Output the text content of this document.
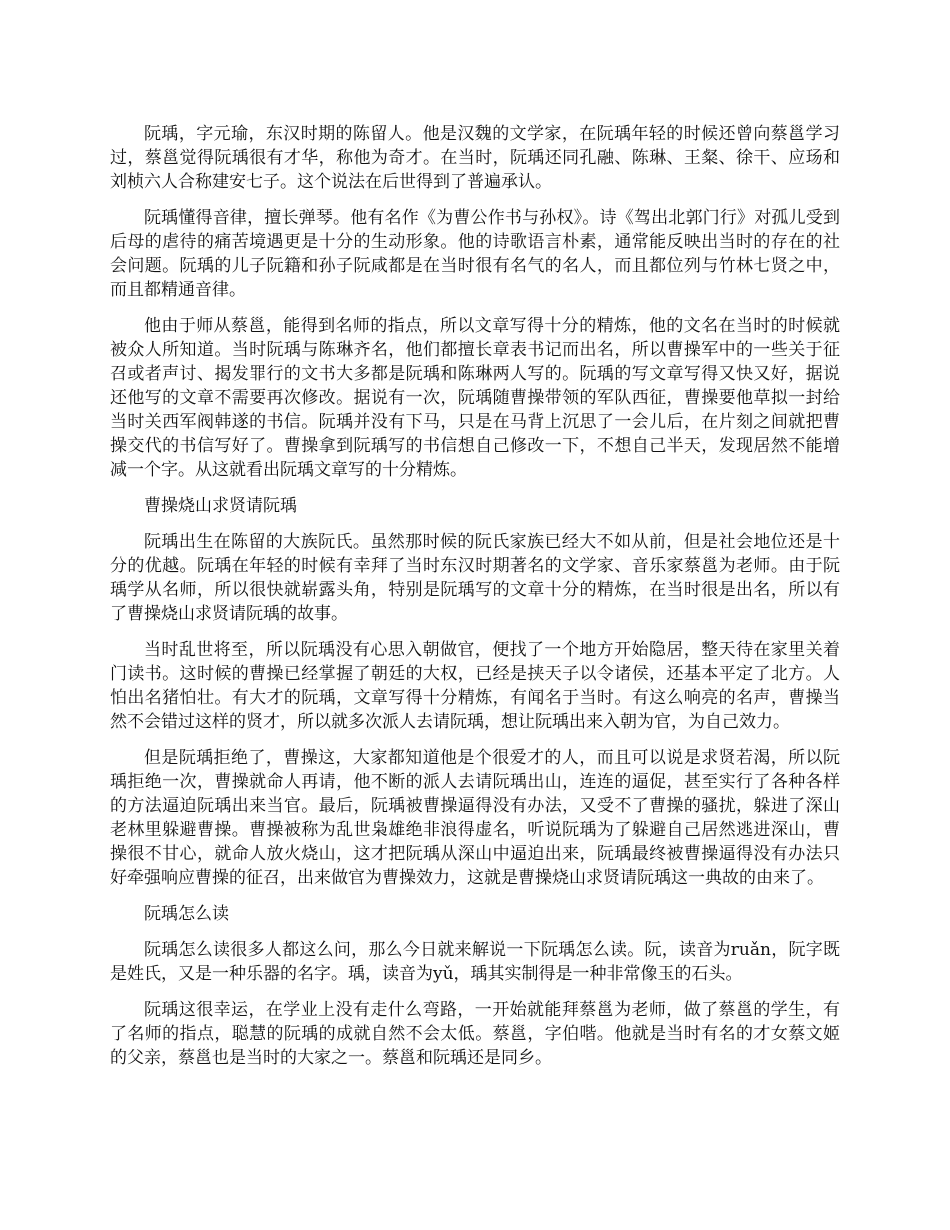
阮瑀，字元瑜，东汉时期的陈留人。他是汉魏的文学家，在阮瑀年轻的时候还曾向蔡邕学习过，蔡邕觉得阮瑀很有才华，称他为奇才。在当时，阮瑀还同孔融、陈琳、王粲、徐干、应玚和刘桢六人合称建安七子。这个说法在后世得到了普遍承认。

阮瑀懂得音律，擅长弹琴。他有名作《为曹公作书与孙权》。诗《驾出北郭门行》对孤儿受到后母的虐待的痛苦境遇更是十分的生动形象。他的诗歌语言朴素，通常能反映出当时的存在的社会问题。阮瑀的儿子阮籍和孙子阮咸都是在当时很有名气的名人，而且都位列与竹林七贤之中，而且都精通音律。

他由于师从蔡邕，能得到名师的指点，所以文章写得十分的精炼，他的文名在当时的时候就被众人所知道。当时阮瑀与陈琳齐名，他们都擅长章表书记而出名，所以曹操军中的一些关于征召或者声讨、揭发罪行的文书大多都是阮瑀和陈琳两人写的。阮瑀的写文章写得又快又好，据说还他写的文章不需要再次修改。据说有一次，阮瑀随曹操带领的军队西征，曹操要他草拟一封给当时关西军阀韩遂的书信。阮瑀并没有下马，只是在马背上沉思了一会儿后，在片刻之间就把曹操交代的书信写好了。曹操拿到阮瑀写的书信想自己修改一下，不想自己半天，发现居然不能增减一个字。从这就看出阮瑀文章写的十分精炼。

曹操烧山求贤请阮瑀

阮瑀出生在陈留的大族阮氏。虽然那时候的阮氏家族已经大不如从前，但是社会地位还是十分的优越。阮瑀在年轻的时候有幸拜了当时东汉时期著名的文学家、音乐家蔡邕为老师。由于阮瑀学从名师，所以很快就崭露头角，特别是阮瑀写的文章十分的精炼，在当时很是出名，所以有了曹操烧山求贤请阮瑀的故事。

当时乱世将至，所以阮瑀没有心思入朝做官，便找了一个地方开始隐居，整天待在家里关着门读书。这时候的曹操已经掌握了朝廷的大权，已经是挟天子以令诸侯，还基本平定了北方。人怕出名猪怕壮。有大才的阮瑀，文章写得十分精炼，有闻名于当时。有这么响亮的名声，曹操当然不会错过这样的贤才，所以就多次派人去请阮瑀，想让阮瑀出来入朝为官，为自己效力。

但是阮瑀拒绝了，曹操这，大家都知道他是个很爱才的人，而且可以说是求贤若渴，所以阮瑀拒绝一次，曹操就命人再请，他不断的派人去请阮瑀出山，连连的逼促，甚至实行了各种各样的方法逼迫阮瑀出来当官。最后，阮瑀被曹操逼得没有办法，又受不了曹操的骚扰，躲进了深山老林里躲避曹操。曹操被称为乱世枭雄绝非浪得虚名，听说阮瑀为了躲避自己居然逃进深山，曹操很不甘心，就命人放火烧山，这才把阮瑀从深山中逼迫出来，阮瑀最终被曹操逼得没有办法只好牵强响应曹操的征召，出来做官为曹操效力，这就是曹操烧山求贤请阮瑀这一典故的由来了。

阮瑀怎么读

阮瑀怎么读很多人都这么问，那么今日就来解说一下阮瑀怎么读。阮，读音为ruǎn，阮字既是姓氏，又是一种乐器的名字。瑀，读音为yǔ，瑀其实制得是一种非常像玉的石头。

阮瑀这很幸运，在学业上没有走什么弯路，一开始就能拜蔡邕为老师，做了蔡邕的学生，有了名师的指点，聪慧的阮瑀的成就自然不会太低。蔡邕，字伯喈。他就是当时有名的才女蔡文姬的父亲，蔡邕也是当时的大家之一。蔡邕和阮瑀还是同乡。
